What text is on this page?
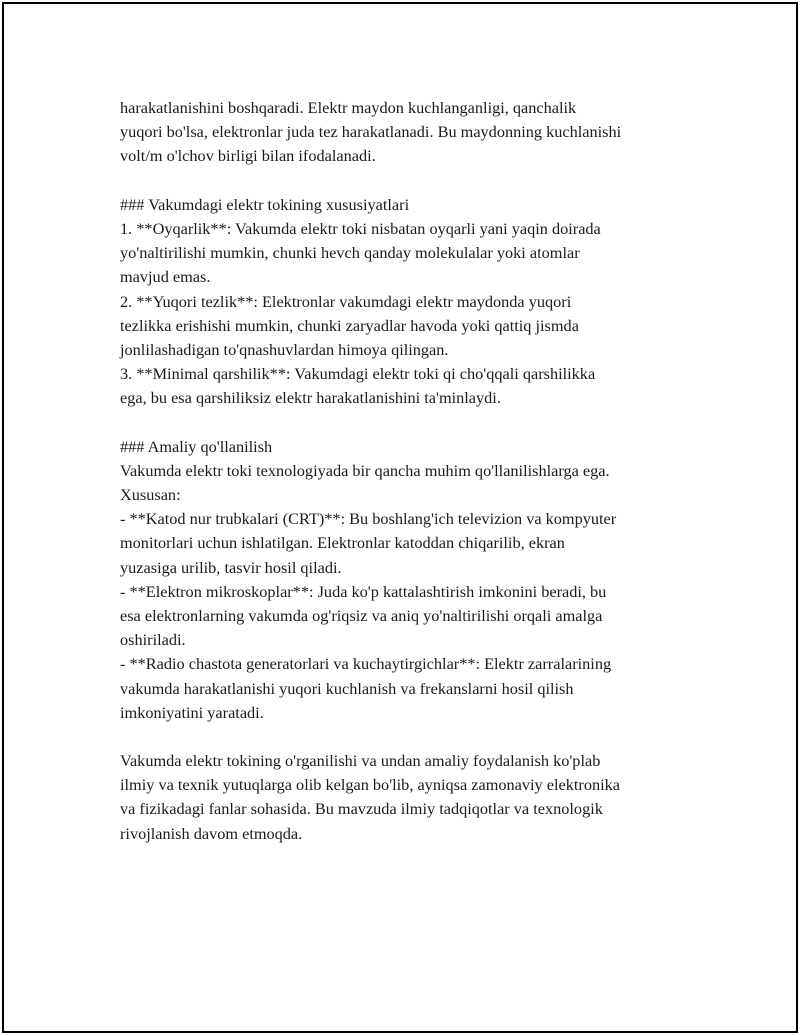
harakatlanishini boshqaradi. Elektr maydon kuchlanganligi, qanchalik
yuqori bo'lsa, elektronlar juda tez harakatlanadi. Bu maydonning kuchlanishi
volt/m o'lchov birligi bilan ifodalanadi.
### Vakumdagi elektr tokining xususiyatlari
1. **Oyqarlik**: Vakumda elektr toki nisbatan oyqarli yani yaqin doirada
yo'naltirilishi mumkin, chunki hevch qanday molekulalar yoki atomlar
mavjud emas.
2. **Yuqori tezlik**: Elektronlar vakumdagi elektr maydonda yuqori
tezlikka erishishi mumkin, chunki zaryadlar havoda yoki qattiq jismda
jonlilashadigan to'qnashuvlardan himoya qilingan.
3. **Minimal qarshilik**: Vakumdagi elektr toki qi cho'qqali qarshilikka
ega, bu esa qarshiliksiz elektr harakatlanishini ta'minlaydi.
### Amaliy qo'llanilish
Vakumda elektr toki texnologiyada bir qancha muhim qo'llanilishlarga ega.
Xususan:
- **Katod nur trubkalari (CRT)**: Bu boshlang'ich televizion va kompyuter
monitorlari uchun ishlatilgan. Elektronlar katoddan chiqarilib, ekran
yuzasiga urilib, tasvir hosil qiladi.
- **Elektron mikroskoplar**: Juda ko'p kattalashtirish imkonini beradi, bu
esa elektronlarning vakumda og'riqsiz va aniq yo'naltirilishi orqali amalga
oshiriladi.
- **Radio chastota generatorlari va kuchaytirgichlar**: Elektr zarralarining
vakumda harakatlanishi yuqori kuchlanish va frekanslarni hosil qilish
imkoniyatini yaratadi.
Vakumda elektr tokining o'rganilishi va undan amaliy foydalanish ko'plab
ilmiy va texnik yutuqlarga olib kelgan bo'lib, ayniqsa zamonaviy elektronika
va fizikadagi fanlar sohasida. Bu mavzuda ilmiy tadqiqotlar va texnologik
rivojlanish davom etmoqda.
